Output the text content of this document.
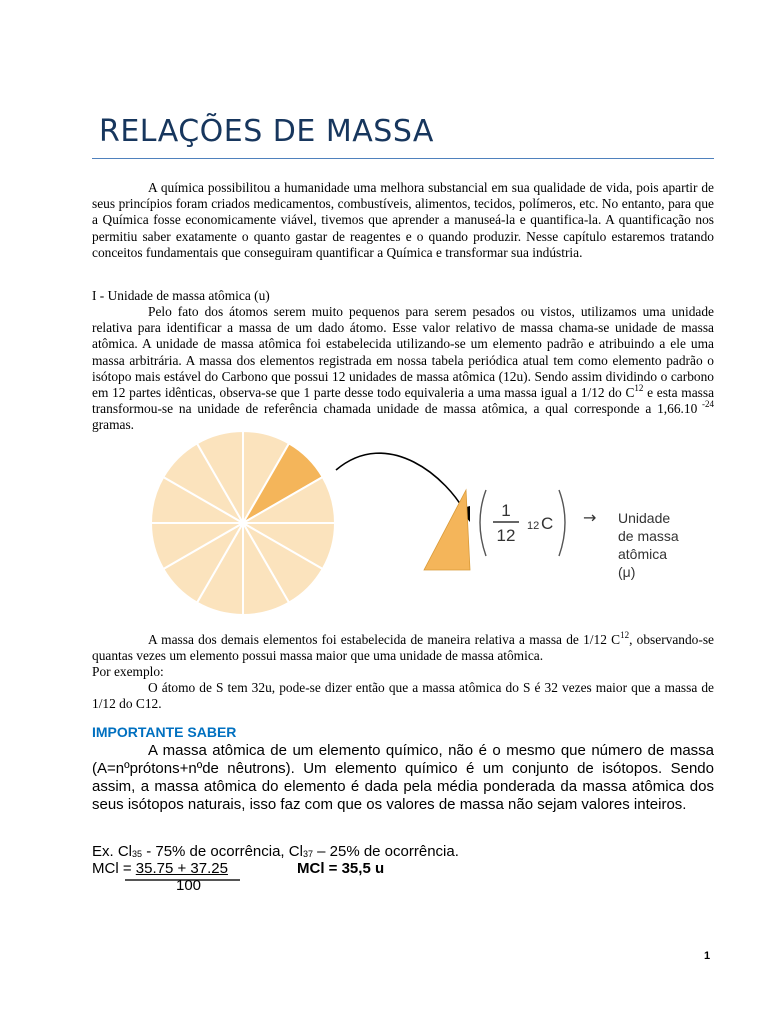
RELAÇÕES DE MASSA
A química possibilitou a humanidade uma melhora substancial em sua qualidade de vida, pois apartir de seus princípios foram criados medicamentos, combustíveis, alimentos, tecidos, polímeros, etc. No entanto, para que a Química fosse economicamente viável, tivemos que aprender a manuseá-la e quantifica-la. A quantificação nos permitiu saber exatamente o quanto gastar de reagentes e o quando produzir. Nesse capítulo estaremos tratando conceitos fundamentais que conseguiram quantificar a Química e transformar sua indústria.
I - Unidade de massa atômica (u)
Pelo fato dos átomos serem muito pequenos para serem pesados ou vistos, utilizamos uma unidade relativa para identificar a massa de um dado átomo. Esse valor relativo de massa chama-se unidade de massa atômica. A unidade de massa atômica foi estabelecida utilizando-se um elemento padrão e atribuindo a ele uma massa arbitrária. A massa dos elementos registrada em nossa tabela periódica atual tem como elemento padrão o isótopo mais estável do Carbono que possui 12 unidades de massa atômica (12u). Sendo assim dividindo o carbono em 12 partes idênticas, observa-se que 1 parte desse todo equivaleria a uma massa igual a 1/12 do $C^{12}$ e esta massa transformou-se na unidade de referência chamada unidade de massa atômica, a qual corresponde a 1,66.10 $^{-24}$ gramas.
1
12 12 C → Unidade
de massa
atômica
(μ)
A massa dos demais elementos foi estabelecida de maneira relativa a massa de 1/12 $C^{12}$, observando-se quantas vezes um elemento possui massa maior que uma unidade de massa atômica.
Por exemplo:
O átomo de S tem 32u, pode-se dizer então que a massa atômica do S é 32 vezes maior que a massa de 1/12 do C12.
IMPORTANTE SABER
A massa atômica de um elemento químico, não é o mesmo que número de massa (A=nºprótons+nºde nêutrons). Um elemento químico é um conjunto de isótopos. Sendo assim, a massa atômica do elemento é dada pela média ponderada da massa atômica dos seus isótopos naturais, isso faz com que os valores de massa não sejam valores inteiros.
Ex. $Cl_{35} - 75\%$ de ocorrência, $Cl_{37} - 25\%$ de ocorrência.
MCl = 35.75 + 37.25	MCl = 35,5 u
100
1
